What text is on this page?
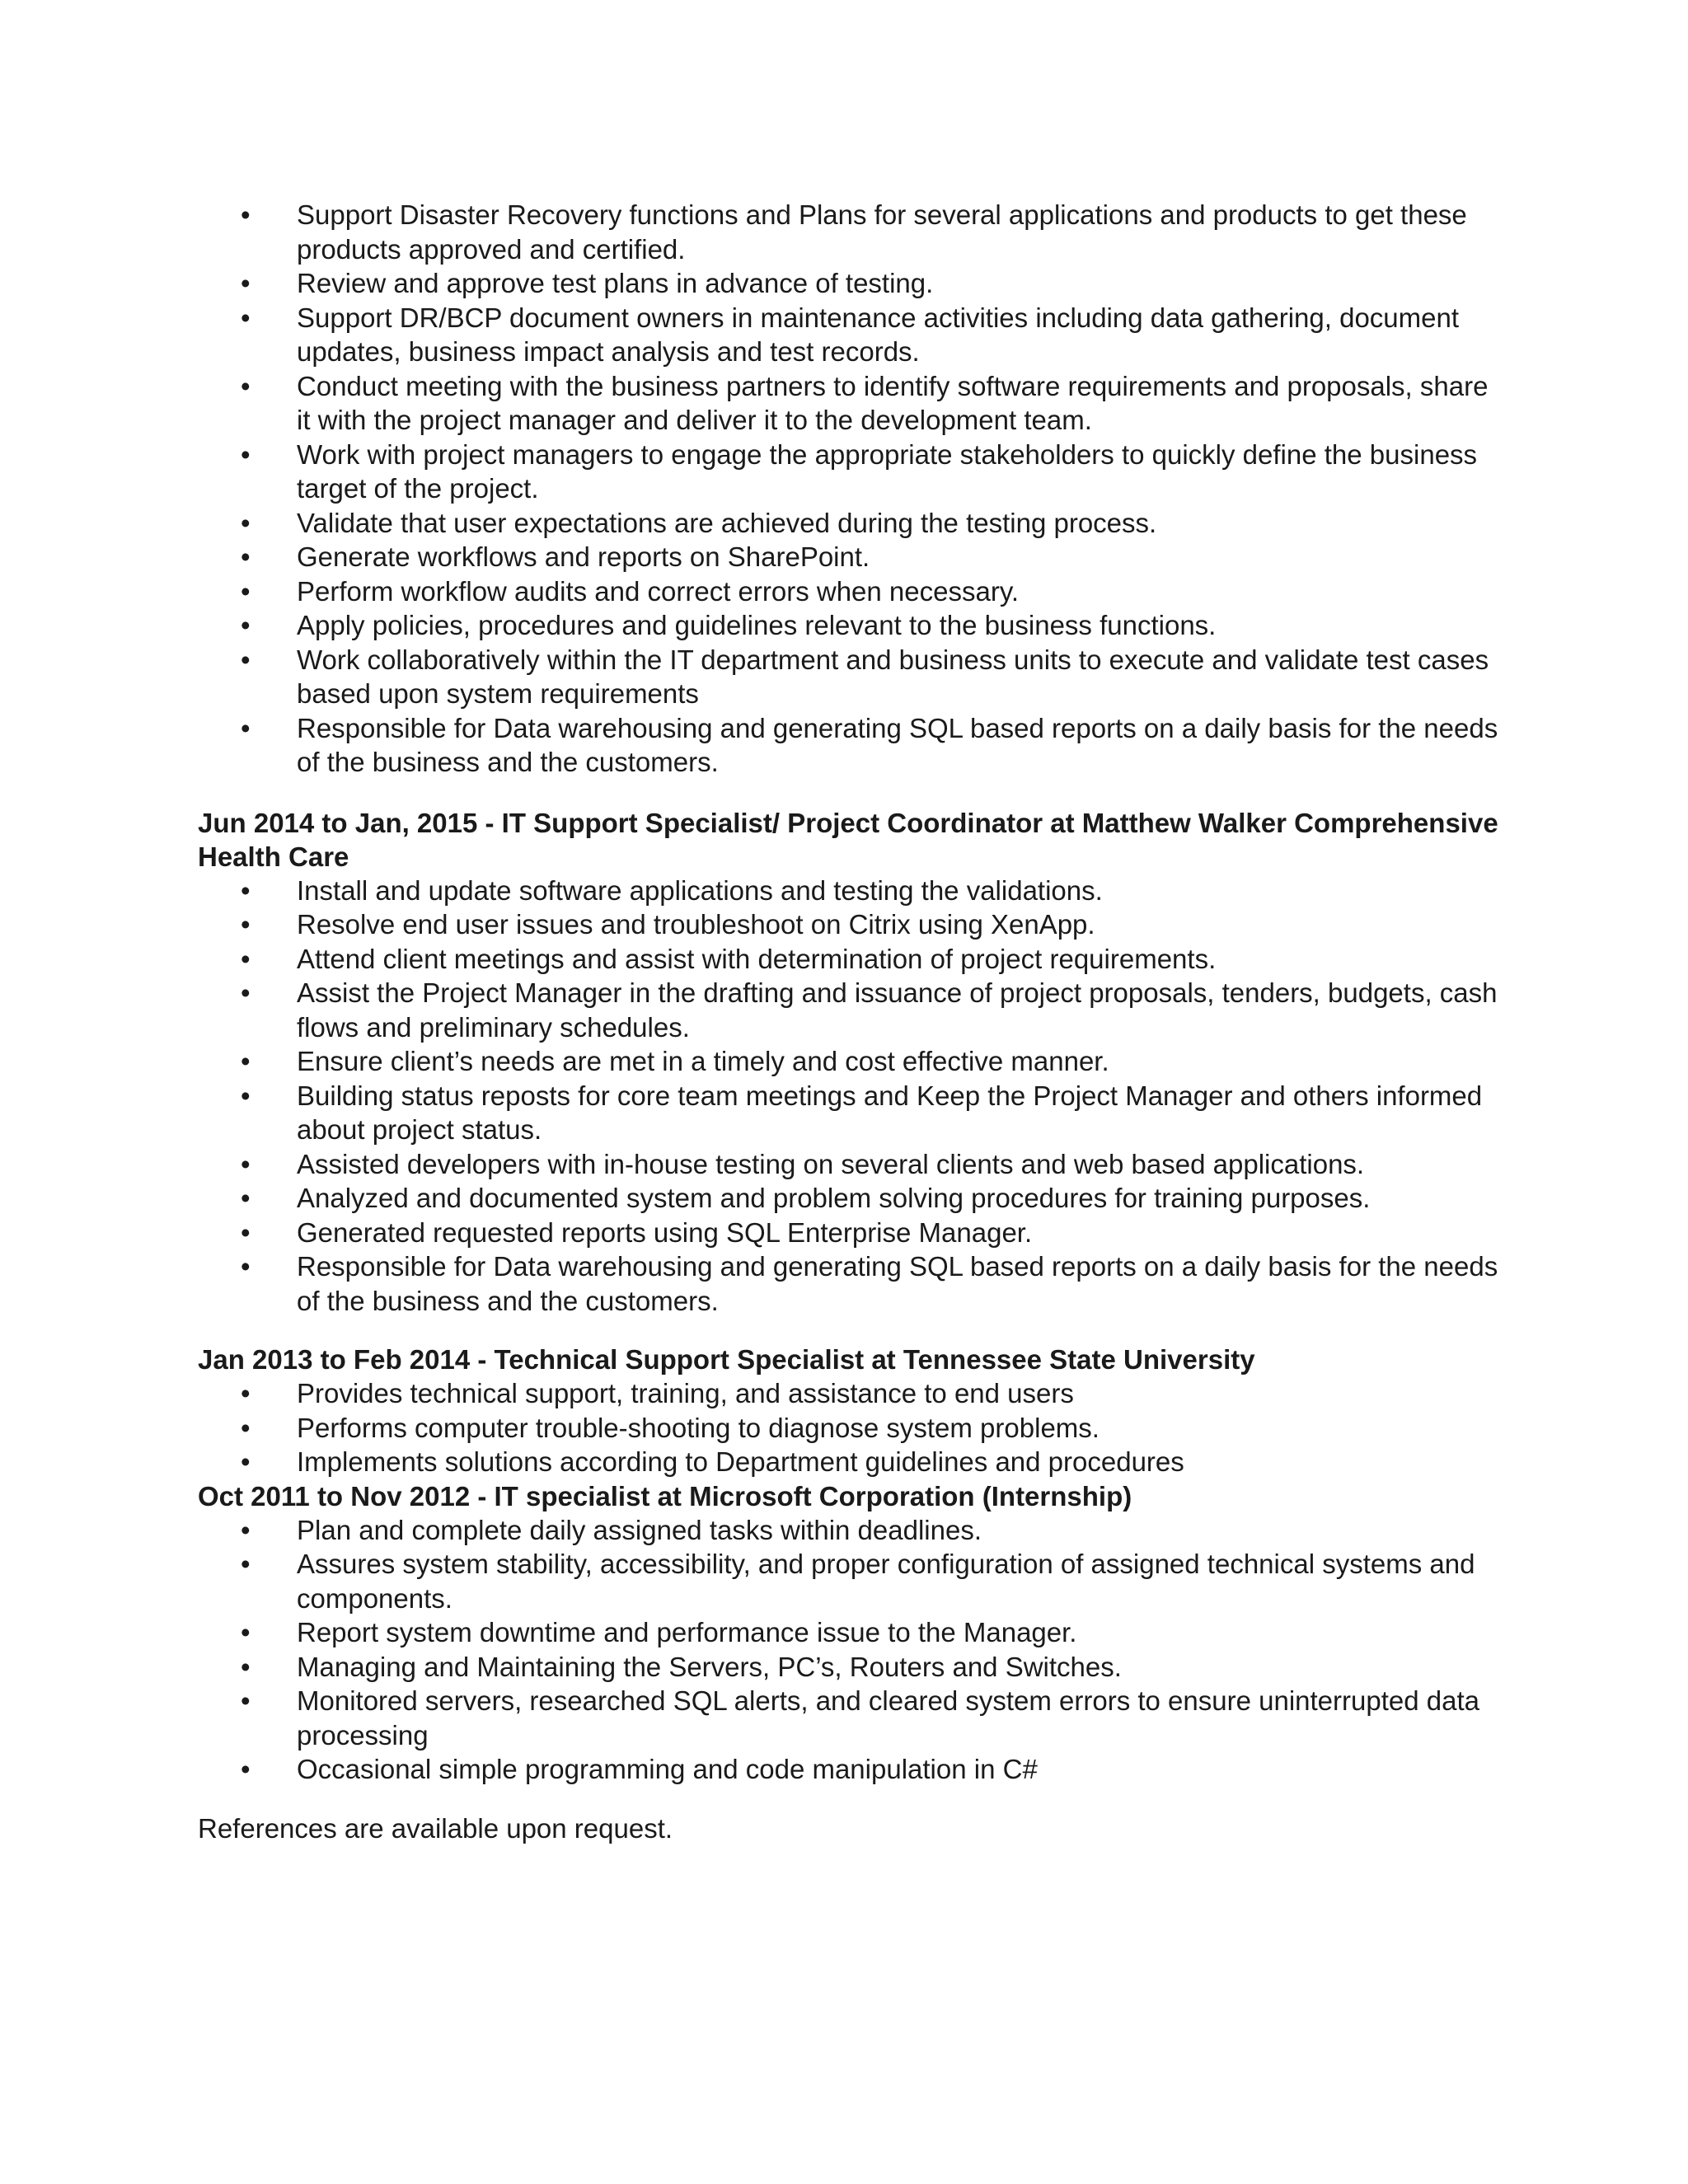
• Support Disaster Recovery functions and Plans for several applications and products to get these products approved and certified.
• Review and approve test plans in advance of testing.
• Support DR/BCP document owners in maintenance activities including data gathering, document updates, business impact analysis and test records.
• Conduct meeting with the business partners to identify software requirements and proposals, share it with the project manager and deliver it to the development team.
• Work with project managers to engage the appropriate stakeholders to quickly define the business target of the project.
• Validate that user expectations are achieved during the testing process.
• Generate workflows and reports on SharePoint.
• Perform workflow audits and correct errors when necessary.
• Apply policies, procedures and guidelines relevant to the business functions.
• Work collaboratively within the IT department and business units to execute and validate test cases based upon system requirements
• Responsible for Data warehousing and generating SQL based reports on a daily basis for the needs of the business and the customers.

Jun 2014 to Jan, 2015 - IT Support Specialist/ Project Coordinator at Matthew Walker Comprehensive Health Care

• Install and update software applications and testing the validations.
• Resolve end user issues and troubleshoot on Citrix using XenApp.
• Attend client meetings and assist with determination of project requirements.
• Assist the Project Manager in the drafting and issuance of project proposals, tenders, budgets, cash flows and preliminary schedules.
• Ensure client’s needs are met in a timely and cost effective manner.
• Building status reposts for core team meetings and Keep the Project Manager and others informed about project status.
• Assisted developers with in-house testing on several clients and web based applications.
• Analyzed and documented system and problem solving procedures for training purposes.
• Generated requested reports using SQL Enterprise Manager.
• Responsible for Data warehousing and generating SQL based reports on a daily basis for the needs of the business and the customers.

Jan 2013 to Feb 2014 - Technical Support Specialist at Tennessee State University

• Provides technical support, training, and assistance to end users
• Performs computer trouble-shooting to diagnose system problems.
• Implements solutions according to Department guidelines and procedures

Oct 2011 to Nov 2012 - IT specialist at Microsoft Corporation (Internship)

• Plan and complete daily assigned tasks within deadlines.
• Assures system stability, accessibility, and proper configuration of assigned technical systems and components.
• Report system downtime and performance issue to the Manager.
• Managing and Maintaining the Servers, PC’s, Routers and Switches.
• Monitored servers, researched SQL alerts, and cleared system errors to ensure uninterrupted data processing
• Occasional simple programming and code manipulation in C#

References are available upon request.
